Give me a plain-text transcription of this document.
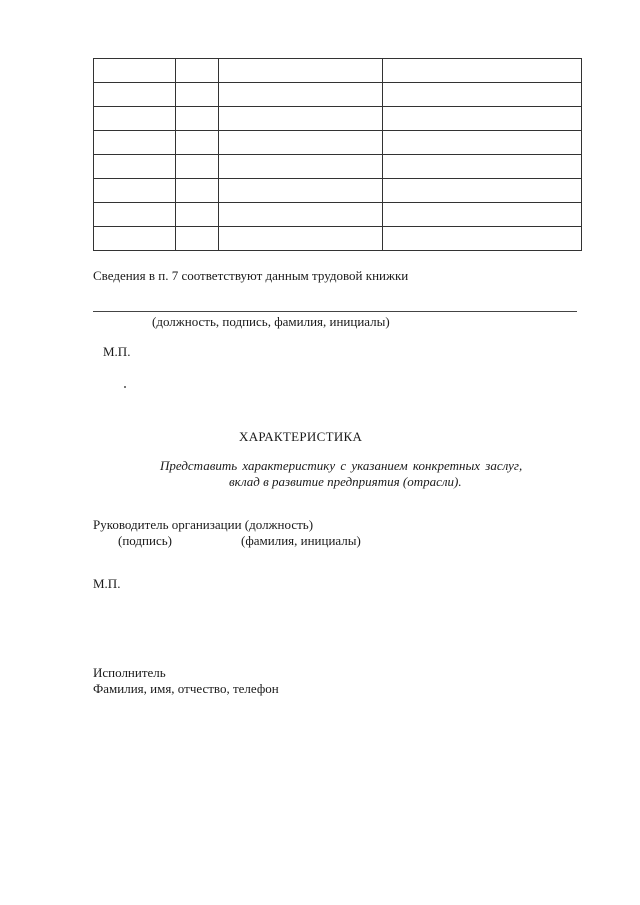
Сведения в п. 7 соответствуют данным трудовой книжки
(должность, подпись, фамилия, инициалы)
М.П.
ХАРАКТЕРИСТИКА
Представить характеристику с указанием конкретных заслуг,
вклад в развитие предприятия (отрасли).
Руководитель организации (должность)
(подпись)	(фамилия, инициалы)
М.П.
Исполнитель
Фамилия, имя, отчество, телефон
